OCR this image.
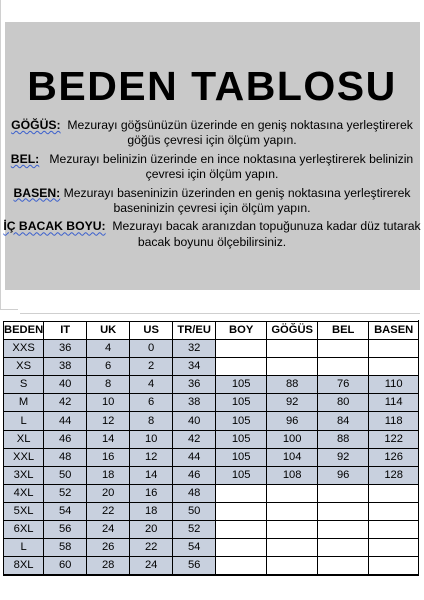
BEDEN TABLOSU

GÖĞÜS: Mezurayı göğsünüzün üzerinde en geniş noktasına yerleştirerek göğüs çevresi için ölçüm yapın.

BEL: Mezurayı belinizin üzerinde en ince noktasına yerleştirerek belinizin çevresi için ölçüm yapın.

BASEN: Mezurayı baseninizin üzerinden en geniş noktasına yerleştirerek baseninizin çevresi için ölçüm yapın.

İÇ BACAK BOYU: Mezurayı bacak aranızdan topuğunuza kadar düz tutarak bacak boyunu ölçebilirsiniz.

BEDEN	IT	UK	US	TR/EU	BOY	GÖĞÜS	BEL	BASEN
XXS	36	4	0	32				
XS	38	6	2	34				
S	40	8	4	36	105	88	76	110
M	42	10	6	38	105	92	80	114
L	44	12	8	40	105	96	84	118
XL	46	14	10	42	105	100	88	122
XXL	48	16	12	44	105	104	92	126
3XL	50	18	14	46	105	108	96	128
4XL	52	20	16	48				
5XL	54	22	18	50				
6XL	56	24	20	52				
L	58	26	22	54				
8XL	60	28	24	56				
